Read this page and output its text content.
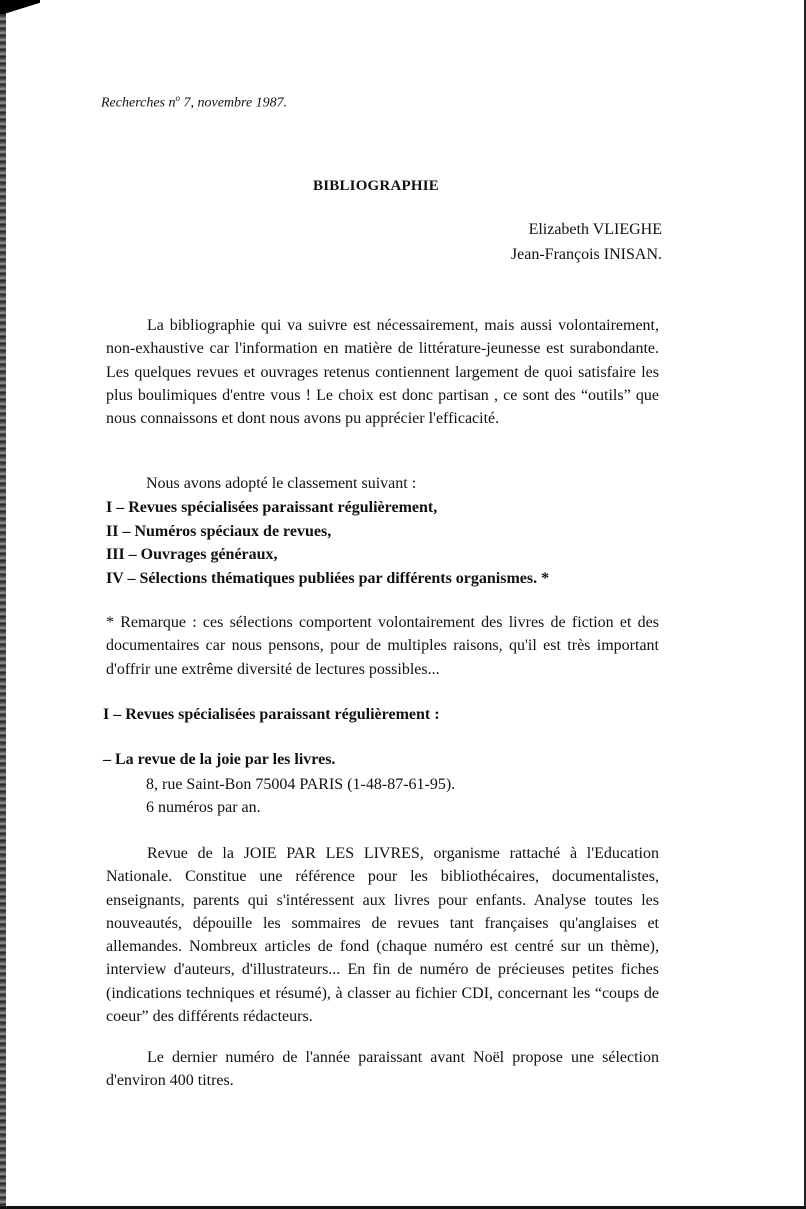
Recherches $n^o$ 7, novembre 1987.
BIBLIOGRAPHIE
Elizabeth VLIEGHE
Jean-François INISAN.
La bibliographie qui va suivre est nécessairement, mais aussi volontairement, non-exhaustive car l'information en matière de littérature-jeunesse est surabondante. Les quelques revues et ouvrages retenus contiennent largement de quoi satisfaire les plus boulimiques d'entre vous ! Le choix est donc partisan , ce sont des “outils” que nous connaissons et dont nous avons pu apprécier l'efficacité.
Nous avons adopté le classement suivant :
I – Revues spécialisées paraissant régulièrement,
II – Numéros spéciaux de revues,
III – Ouvrages généraux,
IV – Sélections thématiques publiées par différents organismes. *
* Remarque : ces sélections comportent volontairement des livres de fiction et des documentaires car nous pensons, pour de multiples raisons, qu'il est très important d'offrir une extrême diversité de lectures possibles...
I – Revues spécialisées paraissant régulièrement :
– La revue de la joie par les livres.
8, rue Saint-Bon 75004 PARIS (1-48-87-61-95).
6 numéros par an.
Revue de la JOIE PAR LES LIVRES, organisme rattaché à l'Education Nationale. Constitue une référence pour les bibliothécaires, documentalistes, enseignants, parents qui s'intéressent aux livres pour enfants. Analyse toutes les nouveautés, dépouille les sommaires de revues tant françaises qu'anglaises et allemandes. Nombreux articles de fond (chaque numéro est centré sur un thème), interview d'auteurs, d'illustrateurs... En fin de numéro de précieuses petites fiches (indications techniques et résumé), à classer au fichier CDI, concernant les “coups de coeur” des différents rédacteurs.
Le dernier numéro de l'année paraissant avant Noël propose une sélection d'environ 400 titres.
